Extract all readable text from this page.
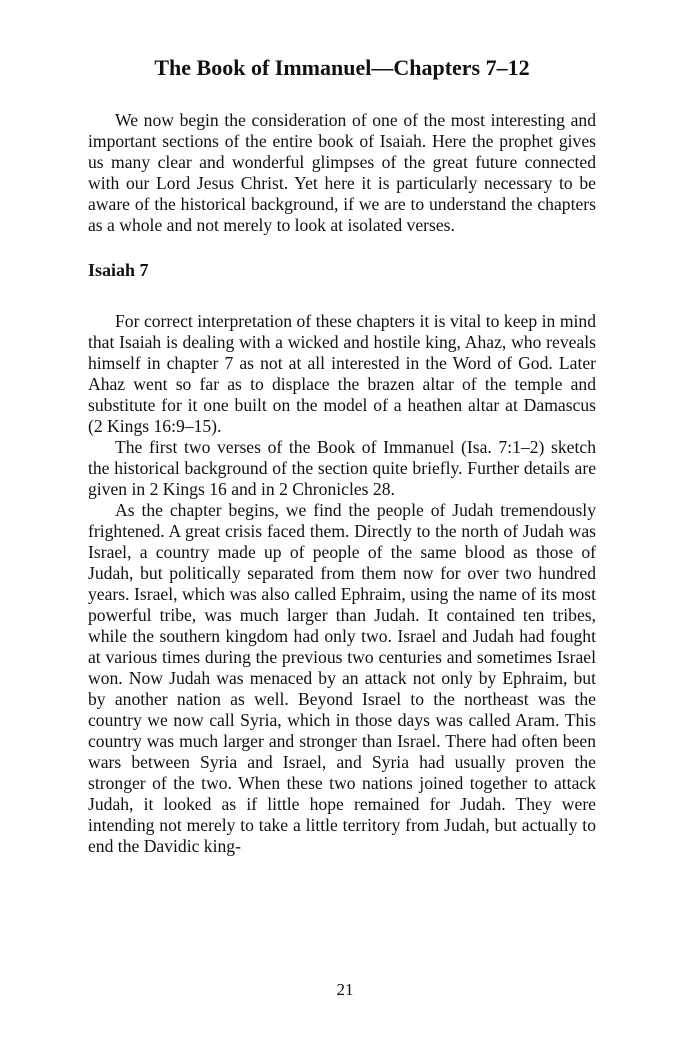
The Book of Immanuel—Chapters 7–12

We now begin the consideration of one of the most interesting and important sections of the entire book of Isaiah. Here the prophet gives us many clear and wonderful glimpses of the great future connected with our Lord Jesus Christ. Yet here it is particularly necessary to be aware of the historical background, if we are to understand the chapters as a whole and not merely to look at isolated verses.

Isaiah 7

For correct interpretation of these chapters it is vital to keep in mind that Isaiah is dealing with a wicked and hostile king, Ahaz, who reveals himself in chapter 7 as not at all interested in the Word of God. Later Ahaz went so far as to displace the brazen altar of the temple and substitute for it one built on the model of a heathen altar at Damascus (2 Kings 16:9–15).

The first two verses of the Book of Immanuel (Isa. 7:1–2) sketch the historical background of the section quite briefly. Further details are given in 2 Kings 16 and in 2 Chronicles 28.

As the chapter begins, we find the people of Judah tremendously frightened. A great crisis faced them. Directly to the north of Judah was Israel, a country made up of people of the same blood as those of Judah, but politically separated from them now for over two hundred years. Israel, which was also called Ephraim, using the name of its most powerful tribe, was much larger than Judah. It contained ten tribes, while the southern kingdom had only two. Israel and Judah had fought at various times during the previous two centuries and sometimes Israel won. Now Judah was menaced by an attack not only by Ephraim, but by another nation as well. Beyond Israel to the northeast was the country we now call Syria, which in those days was called Aram. This country was much larger and stronger than Israel. There had often been wars between Syria and Israel, and Syria had usually proven the stronger of the two. When these two nations joined together to attack Judah, it looked as if little hope remained for Judah. They were intending not merely to take a little territory from Judah, but actually to end the Davidic king-

21
